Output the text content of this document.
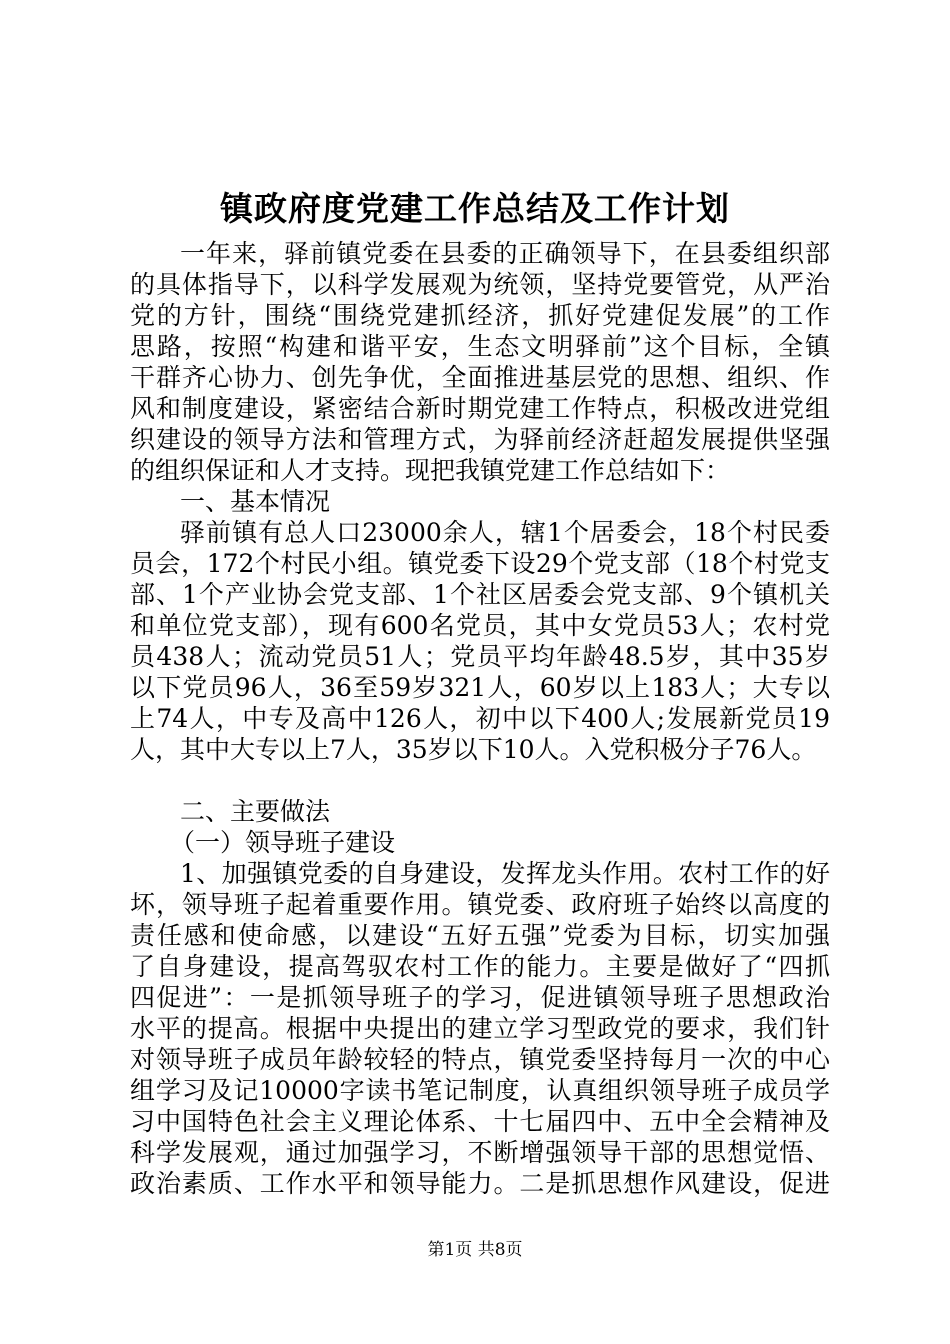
镇政府度党建工作总结及工作计划
一年来，驿前镇党委在县委的正确领导下，在县委组织部
的具体指导下，以科学发展观为统领，坚持党要管党，从严治
党的方针，围绕“围绕党建抓经济，抓好党建促发展”的工作
思路，按照“构建和谐平安，生态文明驿前”这个目标，全镇
干群齐心协力、创先争优，全面推进基层党的思想、组织、作
风和制度建设，紧密结合新时期党建工作特点，积极改进党组
织建设的领导方法和管理方式，为驿前经济赶超发展提供坚强
的组织保证和人才支持。现把我镇党建工作总结如下：
一、基本情况
驿前镇有总人口23000余人，辖1个居委会，18个村民委
员会，172个村民小组。镇党委下设29个党支部（18个村党支
部、1个产业协会党支部、1个社区居委会党支部、9个镇机关
和单位党支部），现有600名党员，其中女党员53人；农村党
员438人；流动党员51人；党员平均年龄48.5岁，其中35岁
以下党员96人，36至59岁321人，60岁以上183人；大专以
上74人，中专及高中126人，初中以下400人;发展新党员19
人，其中大专以上7人，35岁以下10人。入党积极分子76人。
二、主要做法
（一）领导班子建设
1、加强镇党委的自身建设，发挥龙头作用。农村工作的好
坏，领导班子起着重要作用。镇党委、政府班子始终以高度的
责任感和使命感，以建设“五好五强”党委为目标，切实加强
了自身建设，提高驾驭农村工作的能力。主要是做好了“四抓
四促进”：一是抓领导班子的学习，促进镇领导班子思想政治
水平的提高。根据中央提出的建立学习型政党的要求，我们针
对领导班子成员年龄较轻的特点，镇党委坚持每月一次的中心
组学习及记10000字读书笔记制度，认真组织领导班子成员学
习中国特色社会主义理论体系、十七届四中、五中全会精神及
科学发展观，通过加强学习，不断增强领导干部的思想觉悟、
政治素质、工作水平和领导能力。二是抓思想作风建设，促进
第1页 共8页
